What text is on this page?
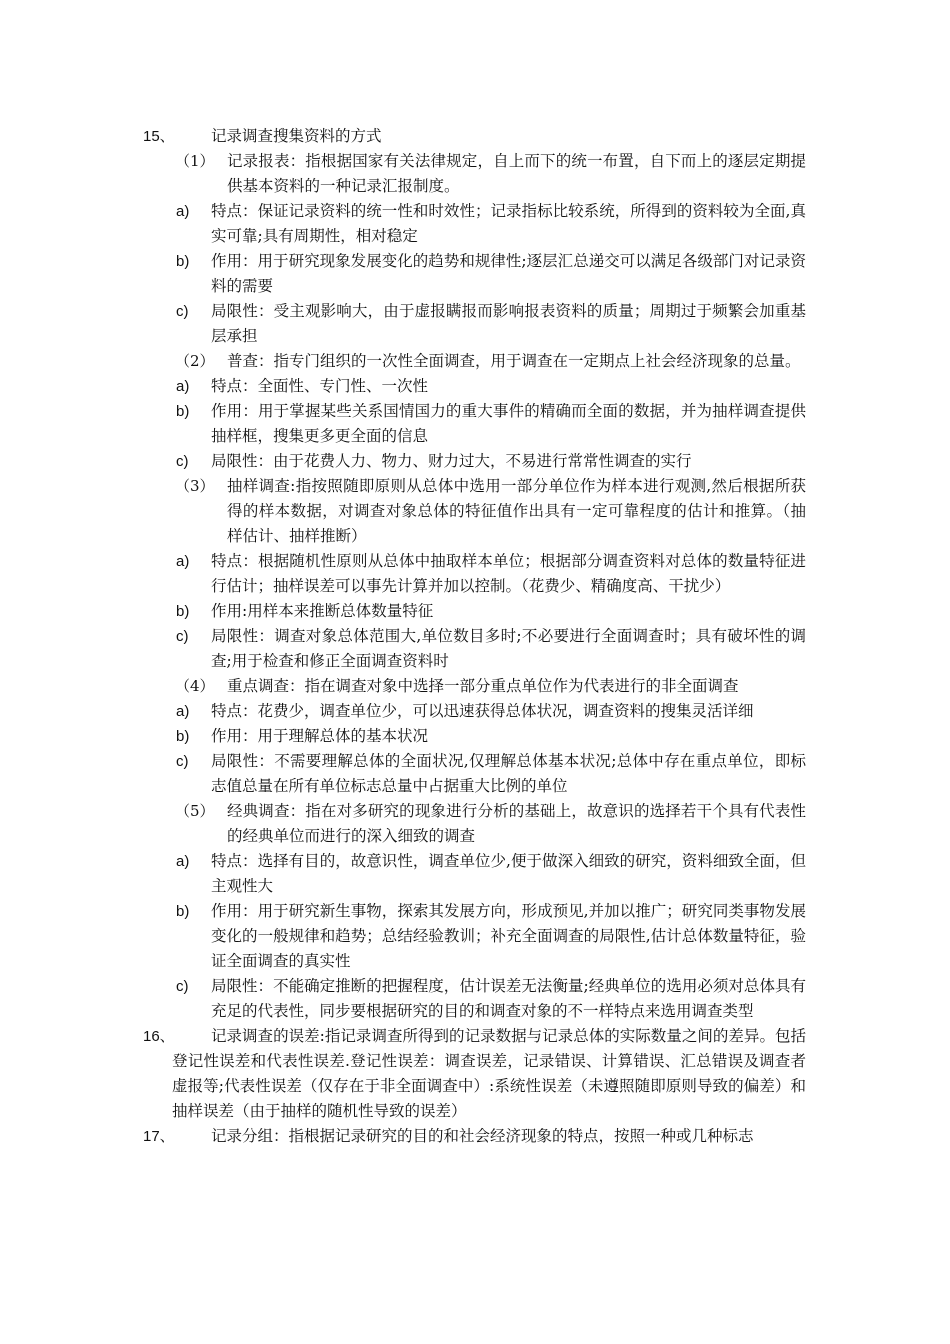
15、	记录调查搜集资料的方式
（1） 记录报表：指根据国家有关法律规定，自上而下的统一布置，自下而上的逐层定期提供基本资料的一种记录汇报制度。
a) 特点：保证记录资料的统一性和时效性；记录指标比较系统，所得到的资料较为全面,真实可靠;具有周期性，相对稳定
b) 作用：用于研究现象发展变化的趋势和规律性;逐层汇总递交可以满足各级部门对记录资料的需要
c) 局限性：受主观影响大，由于虚报瞒报而影响报表资料的质量；周期过于频繁会加重基层承担
（2） 普查：指专门组织的一次性全面调查，用于调查在一定期点上社会经济现象的总量。
a) 特点：全面性、专门性、一次性
b) 作用：用于掌握某些关系国情国力的重大事件的精确而全面的数据，并为抽样调查提供抽样框，搜集更多更全面的信息
c) 局限性：由于花费人力、物力、财力过大，不易进行常常性调查的实行
（3） 抽样调查:指按照随即原则从总体中选用一部分单位作为样本进行观测,然后根据所获得的样本数据，对调查对象总体的特征值作出具有一定可靠程度的估计和推算。（抽样估计、抽样推断）
a) 特点：根据随机性原则从总体中抽取样本单位；根据部分调查资料对总体的数量特征进行估计；抽样误差可以事先计算并加以控制。（花费少、精确度高、干扰少）
b) 作用:用样本来推断总体数量特征
c) 局限性：调查对象总体范围大,单位数目多时;不必要进行全面调查时；具有破坏性的调查;用于检查和修正全面调查资料时
（4） 重点调查：指在调查对象中选择一部分重点单位作为代表进行的非全面调查
a) 特点：花费少，调查单位少，可以迅速获得总体状况，调查资料的搜集灵活详细
b) 作用：用于理解总体的基本状况
c) 局限性：不需要理解总体的全面状况,仅理解总体基本状况;总体中存在重点单位，即标志值总量在所有单位标志总量中占据重大比例的单位
（5） 经典调查：指在对多研究的现象进行分析的基础上，故意识的选择若干个具有代表性的经典单位而进行的深入细致的调查
a) 特点：选择有目的，故意识性，调查单位少,便于做深入细致的研究，资料细致全面，但主观性大
b) 作用：用于研究新生事物，探索其发展方向，形成预见,并加以推广；研究同类事物发展变化的一般规律和趋势；总结经验教训；补充全面调查的局限性,估计总体数量特征，验证全面调查的真实性
c) 局限性：不能确定推断的把握程度，估计误差无法衡量;经典单位的选用必须对总体具有充足的代表性，同步要根据研究的目的和调查对象的不一样特点来选用调查类型
16、	记录调查的误差:指记录调查所得到的记录数据与记录总体的实际数量之间的差异。包括登记性误差和代表性误差.登记性误差：调查误差，记录错误、计算错误、汇总错误及调查者虚报等;代表性误差（仅存在于非全面调查中）:系统性误差（未遵照随即原则导致的偏差）和抽样误差（由于抽样的随机性导致的误差）
17、	记录分组：指根据记录研究的目的和社会经济现象的特点，按照一种或几种标志
